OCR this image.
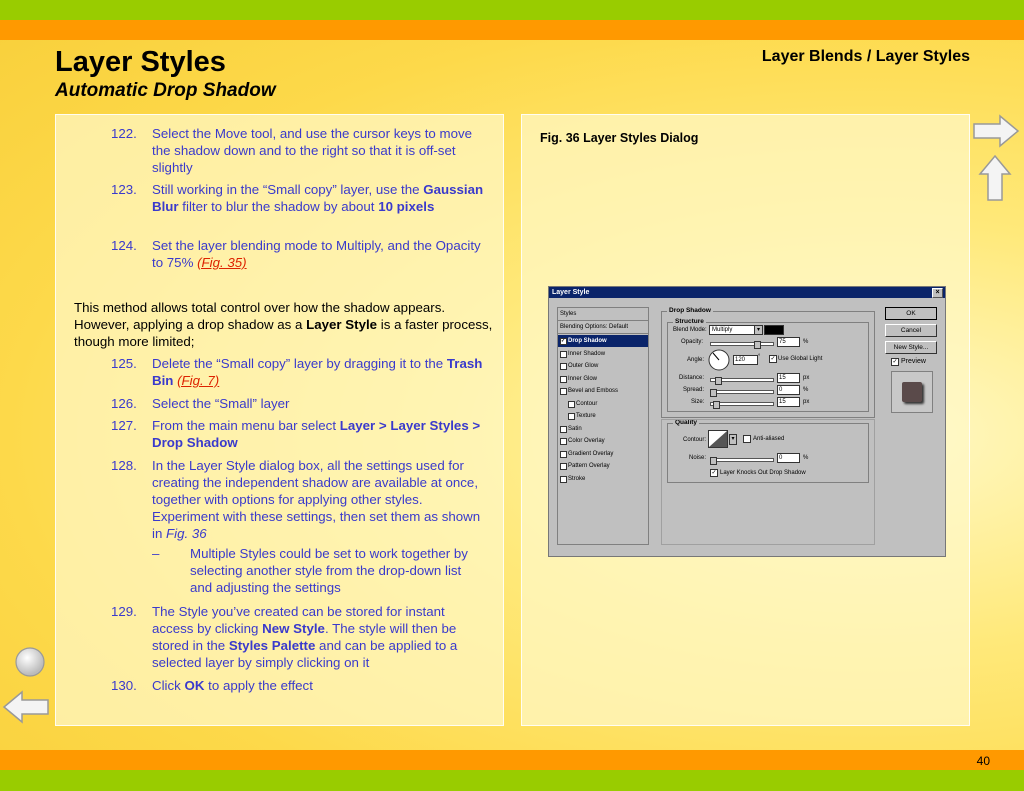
Layer Styles
Automatic Drop Shadow
Layer Blends / Layer Styles
122. Select the Move tool, and use the cursor keys to move the shadow down and to the right so that it is off-set slightly
123. Still working in the “Small copy” layer, use the Gaussian Blur filter to blur the shadow by about 10 pixels
124. Set the layer blending mode to Multiply, and the Opacity to 75% (Fig. 35)
This method allows total control over how the shadow appears. However, applying a drop shadow as a Layer Style is a faster process, though more limited;
125. Delete the “Small copy” layer by dragging it to the Trash Bin (Fig. 7)
126. Select the “Small” layer
127. From the main menu bar select Layer > Layer Styles > Drop Shadow
128. In the Layer Style dialog box, all the settings used for creating the independent shadow are available at once, together with options for applying other styles. Experiment with these settings, then set them as shown in Fig. 36
– Multiple Styles could be set to work together by selecting another style from the drop-down list and adjusting the settings
129. The Style you’ve created can be stored for instant access by clicking New Style. The style will then be stored in the Styles Palette and can be applied to a selected layer by simply clicking on it
130. Click OK to apply the effect
Fig. 36 Layer Styles Dialog
Layer Style	×
Styles
Blending Options: Default
✓ Drop Shadow
Inner Shadow
Outer Glow
Inner Glow
Bevel and Emboss
Contour
Texture
Satin
Color Overlay
Gradient Overlay
Pattern Overlay
Stroke
Drop Shadow
Structure
Blend Mode: Multiply	▾
Opacity:	75	%
Angle:	120	° ✓ Use Global Light
Distance:	15	px
Spread:	0	%
Size:	15	px
Quality
Contour:	▾	Anti-aliased
Noise:	0	%
✓ Layer Knocks Out Drop Shadow
OK
Cancel
New Style...
✓ Preview
40
